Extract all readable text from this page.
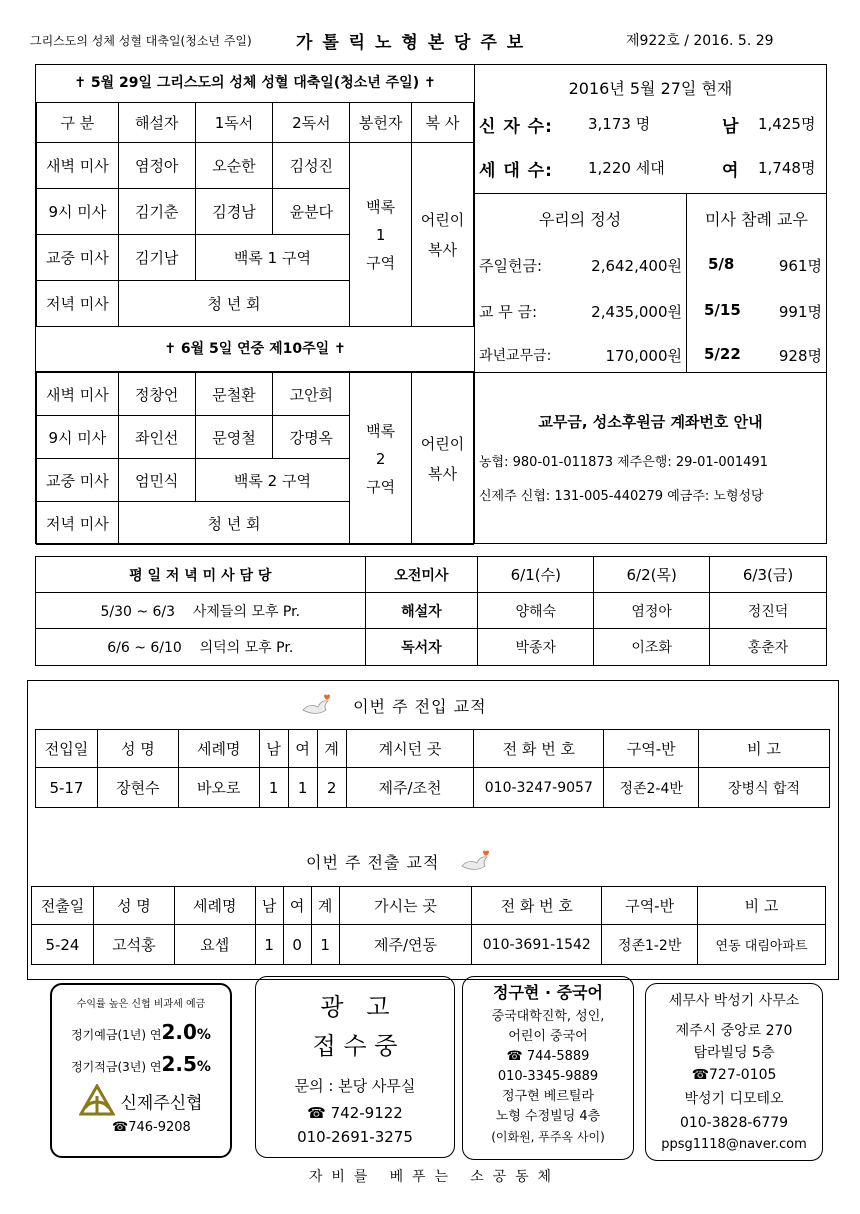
그리스도의 성체 성혈 대축일(청소년 주일)	가 톨 릭 노 형 본 당 주 보	제922호 / 2016. 5. 29
✝ 5월 29일 그리스도의 성체 성혈 대축일(청소년 주일) ✝
구 분	해설자	1독서	2독서	봉헌자	복 사
새벽 미사	염정아	오순한	김성진	백록
1
구역	어린이
복사
9시 미사	김기춘	김경남	윤분다		
교중 미사	김기남	백록 1 구역			
저녁 미사	청 년 회				
✝ 6월 5일 연중 제10주일 ✝
새벽 미사	정창언	문철환	고안희	백록
2
구역	어린이
복사
9시 미사	좌인선	문영철	강명옥		
교중 미사	엄민식	백록 2 구역			
저녁 미사	청 년 회				
2016년 5월 27일 현재
신 자 수: 3,173 명	남 1,425명
세 대 수: 1,220 세대	여 1,748명
우리의 정성
주일헌금:	2,642,400원
교 무 금:	2,435,000원
과년교무금:	170,000원
미사 참례 교우
5/8	961명
5/15	991명
5/22	928명
교무금, 성소후원금 계좌번호 안내
농협: 980-01-011873 제주은행: 29-01-001491
신제주 신협: 131-005-440279 예금주: 노형성당
평 일 저 녁 미 사 담 당	오전미사	6/1(수)	6/2(목)	6/3(금)
5/30 ~ 6/3 사제들의 모후 Pr.	해설자	양해숙	염정아	정진덕
6/6 ~ 6/10 의덕의 모후 Pr.	독서자	박종자	이조화	홍춘자
이번 주 전입 교적
전입일	성 명	세례명	남	여	계	계시던 곳	전 화 번 호	구역-반	비 고
5-17	장현수	바오로	1	1	2	제주/조천	010-3247-9057	정존2-4반	장병식 합적
이번 주 전출 교적
전출일	성 명	세례명	남	여	계	가시는 곳	전 화 번 호	구역-반	비 고
5-24	고석홍	요셉	1	0	1	제주/연동	010-3691-1542	정존1-2반	연동 대림아파트
수익률 높은 신협 비과세 예금
정기예금(1년) 연2.0%
정기적금(3년) 연2.5%
신제주신협
☎746-9208
광   고
접 수 중
문의 : 본당 사무실
☎ 742-9122
010-2691-3275
정구현 · 중국어
중국대학진학, 성인,
어린이 중국어
☎ 744-5889
010-3345-9889
정구현 베르틸라
노형 수정빌딩 4층
(이화원, 푸주옥 사이)
세무사 박성기 사무소
제주시 중앙로 270
탐라빌딩 5층
☎727-0105
박성기 디모테오
010-3828-6779
ppsg1118@naver.com
자  비  를     베  푸  는     소  공  동  체
